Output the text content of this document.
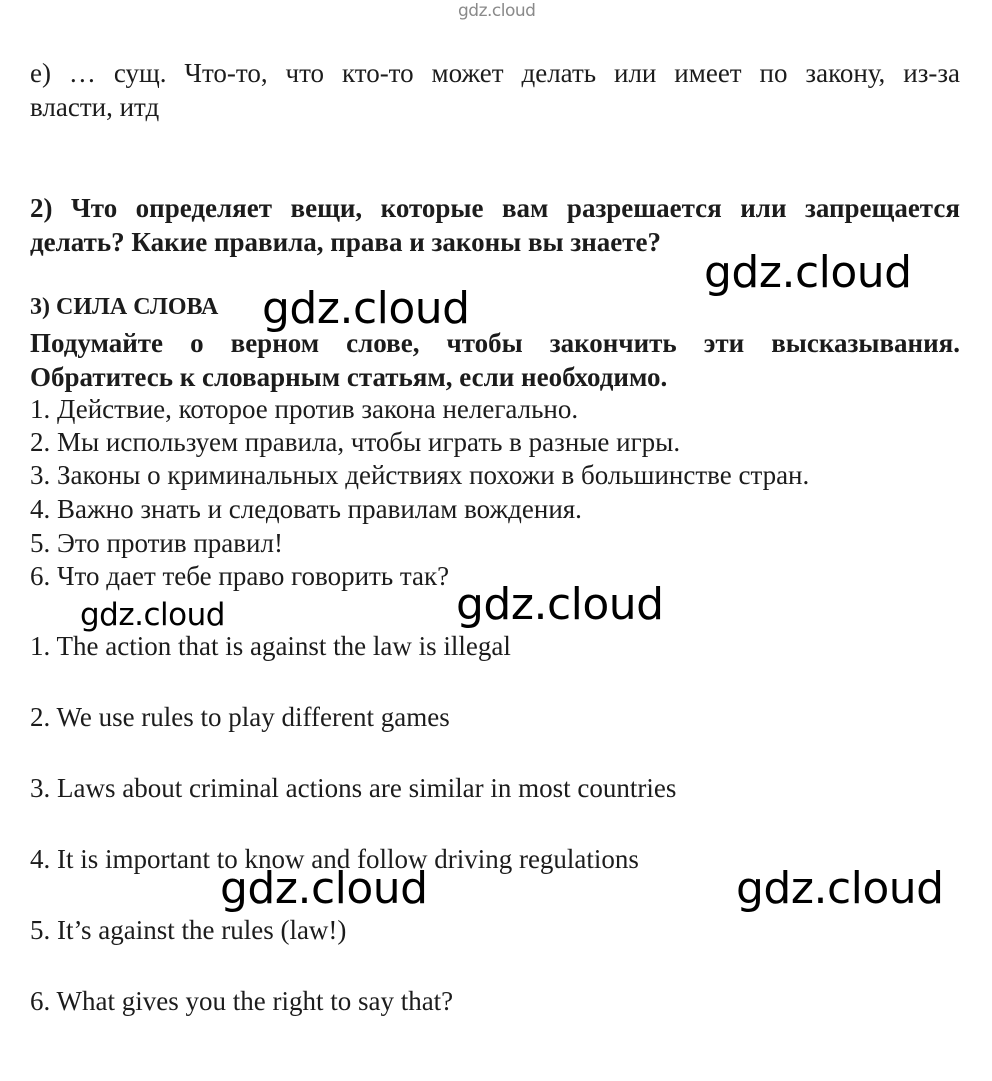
gdz.cloud
e) … сущ. Что-то, что кто-то может делать или имеет по закону, из-за
власти, итд
2) Что определяет вещи, которые вам разрешается или запрещается
делать? Какие правила, права и законы вы знаете?
3) СИЛА СЛОВА
Подумайте о верном слове, чтобы закончить эти высказывания.
Обратитесь к словарным статьям, если необходимо.
1. Действие, которое против закона нелегально.
2. Мы используем правила, чтобы играть в разные игры.
3. Законы о криминальных действиях похожи в большинстве стран.
4. Важно знать и следовать правилам вождения.
5. Это против правил!
6. Что дает тебе право говорить так?
1. The action that is against the law is illegal
2. We use rules to play different games
3. Laws about criminal actions are similar in most countries
4. It is important to know and follow driving regulations
5. It’s against the rules (law!)
6. What gives you the right to say that?
gdz.cloud
gdz.cloud
gdz.cloud	gdz.cloud
gdz.cloud	gdz.cloud
